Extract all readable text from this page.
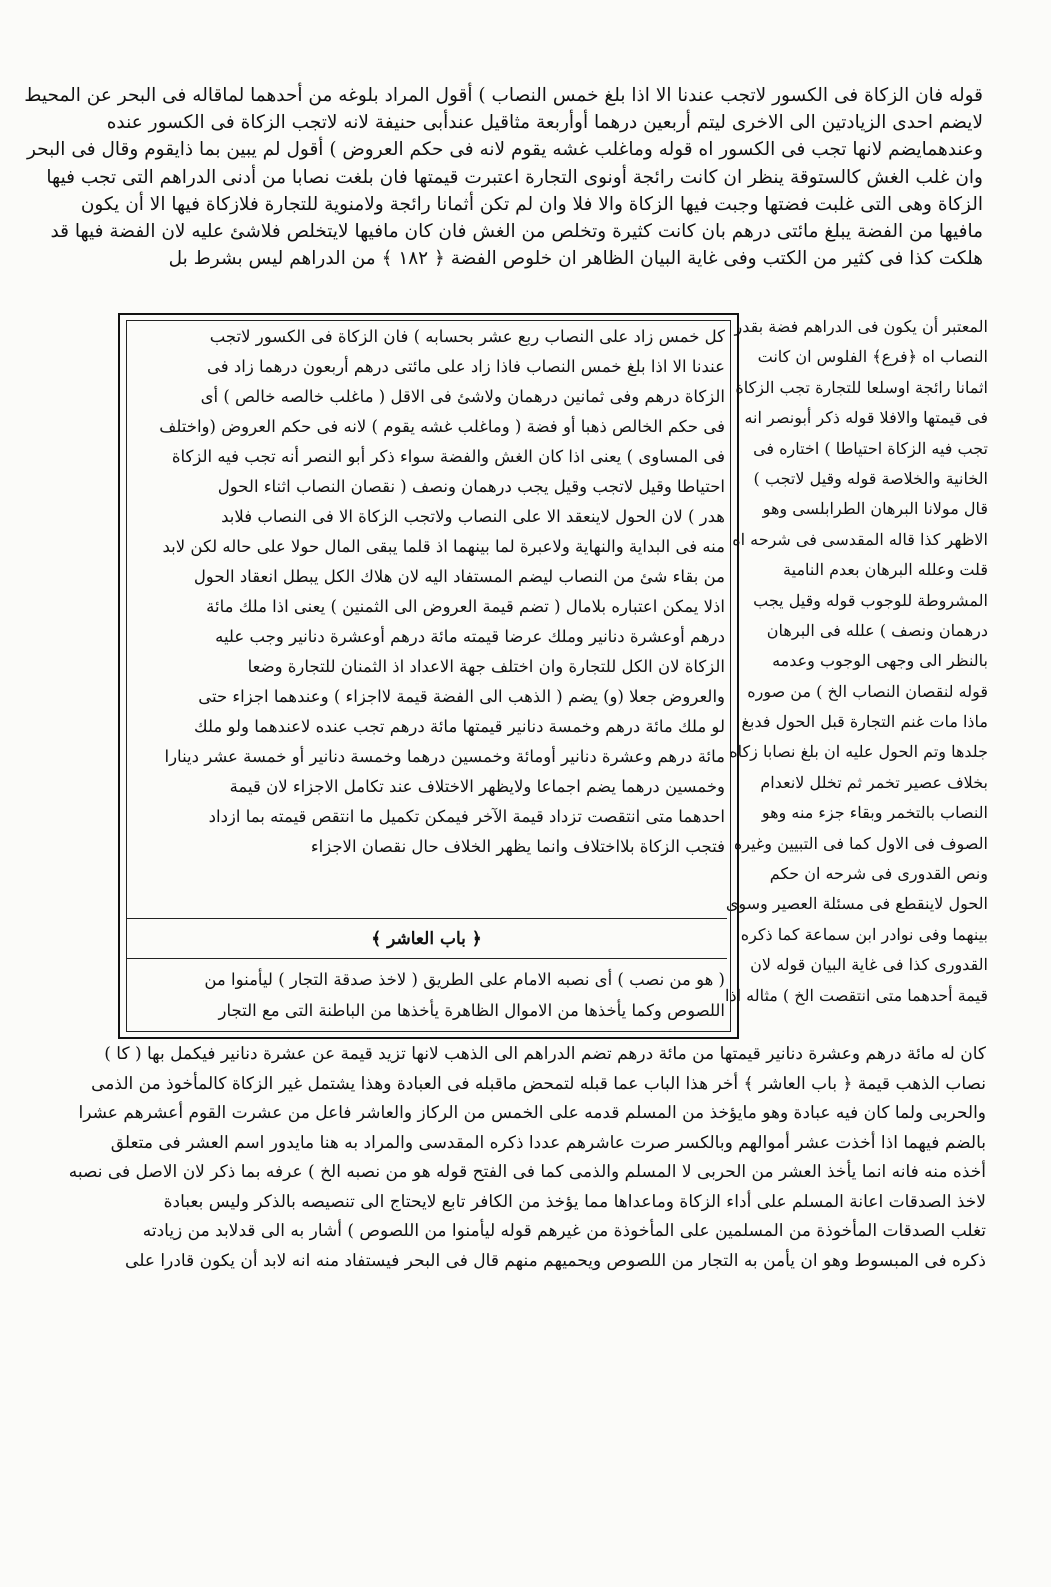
قوله فان الزكاة فى الكسور لاتجب عندنا الا اذا بلغ خمس النصاب ) أقول المراد بلوغه من أحدهما لماقاله فى البحر عن المحيط
لايضم احدى الزيادتين الى الاخرى ليتم أربعين درهما أوأربعة مثاقيل عندأبى حنيفة لانه لاتجب الزكاة فى الكسور عنده
وعندهمايضم لانها تجب فى الكسور اه قوله وماغلب غشه يقوم لانه فى حكم العروض ) أقول لم يبين بما ذايقوم وقال فى البحر
وان غلب الغش كالستوقة ينظر ان كانت رائجة أونوى التجارة اعتبرت قيمتها فان بلغت نصابا من أدنى الدراهم التى تجب فيها
الزكاة وهى التى غلبت فضتها وجبت فيها الزكاة والا فلا وان لم تكن أثمانا رائجة ولامنوية للتجارة فلازكاة فيها الا أن يكون
مافيها من الفضة يبلغ مائتى درهم بان كانت كثيرة وتخلص من الغش فان كان مافيها لايتخلص فلاشئ عليه لان الفضة فيها قد
هلكت كذا فى كثير من الكتب وفى غاية البيان الظاهر ان خلوص الفضة ﴿ ١٨٢ ﴾ من الدراهم ليس بشرط بل
المعتبر أن يكون فى الدراهم فضة بقدر
النصاب اه ﴿فرع﴾ الفلوس ان كانت
اثمانا رائجة اوسلعا للتجارة تجب الزكاة
فى قيمتها والافلا قوله ذكر أبونصر انه
تجب فيه الزكاة احتياطا ) اختاره فى
الخانية والخلاصة قوله وقيل لاتجب )
قال مولانا البرهان الطرابلسى وهو
الاظهر كذا قاله المقدسى فى شرحه اه
قلت وعلله البرهان بعدم النامية
المشروطة للوجوب قوله وقيل يجب
درهمان ونصف ) علله فى البرهان
بالنظر الى وجهى الوجوب وعدمه
قوله لنقصان النصاب الخ ) من صوره
ماذا مات غنم التجارة قبل الحول فدبغ
جلدها وتم الحول عليه ان بلغ نصابا زكاه
بخلاف عصير تخمر ثم تخلل لانعدام
النصاب بالتخمر وبقاء جزء منه وهو
الصوف فى الاول كما فى التبيين وغيره
ونص القدورى فى شرحه ان حكم
الحول لاينقطع فى مسئلة العصير وسوى
بينهما وفى نوادر ابن سماعة كما ذكره
القدورى كذا فى غاية البيان قوله لان
قيمة أحدهما متى انتقصت الخ ) مثاله اذا
كل خمس زاد على النصاب ربع عشر بحسابه ) فان الزكاة فى الكسور لاتجب
عندنا الا اذا بلغ خمس النصاب فاذا زاد على مائتى درهم أربعون درهما زاد فى
الزكاة درهم وفى ثمانين درهمان ولاشئ فى الاقل ( ماغلب خالصه خالص ) أى
فى حكم الخالص ذهبا أو فضة ( وماغلب غشه يقوم ) لانه فى حكم العروض (واختلف
فى المساوى ) يعنى اذا كان الغش والفضة سواء ذكر أبو النصر أنه تجب فيه الزكاة
احتياطا وقيل لاتجب وقيل يجب درهمان ونصف ( نقصان النصاب اثناء الحول
هدر ) لان الحول لاينعقد الا على النصاب ولاتجب الزكاة الا فى النصاب فلابد
منه فى البداية والنهاية ولاعبرة لما بينهما اذ قلما يبقى المال حولا على حاله لكن لابد
من بقاء شئ من النصاب ليضم المستفاد اليه لان هلاك الكل يبطل انعقاد الحول
اذلا يمكن اعتباره بلامال ( تضم قيمة العروض الى الثمنين ) يعنى اذا ملك مائة
درهم أوعشرة دنانير وملك عرضا قيمته مائة درهم أوعشرة دنانير وجب عليه
الزكاة لان الكل للتجارة وان اختلف جهة الاعداد اذ الثمنان للتجارة وضعا
والعروض جعلا (و) يضم ( الذهب الى الفضة قيمة لااجزاء ) وعندهما اجزاء حتى
لو ملك مائة درهم وخمسة دنانير قيمتها مائة درهم تجب عنده لاعندهما ولو ملك
مائة درهم وعشرة دنانير أومائة وخمسين درهما وخمسة دنانير أو خمسة عشر دينارا
وخمسين درهما يضم اجماعا ولايظهر الاختلاف عند تكامل الاجزاء لان قيمة
احدهما متى انتقصت تزداد قيمة الآخر فيمكن تكميل ما انتقص قيمته بما ازداد
فتجب الزكاة بلااختلاف وانما يظهر الخلاف حال نقصان الاجزاء
﴿ باب العاشر ﴾
( هو من نصب ) أى نصبه الامام على الطريق ( لاخذ صدقة التجار ) ليأمنوا من
اللصوص وكما يأخذها من الاموال الظاهرة يأخذها من الباطنة التى مع التجار
كان له مائة درهم وعشرة دنانير قيمتها من مائة درهم تضم الدراهم الى الذهب لانها تزيد قيمة عن عشرة دنانير فيكمل بها ( كا )
نصاب الذهب قيمة ﴿ باب العاشر ﴾ أخر هذا الباب عما قبله لتمحض ماقبله فى العبادة وهذا يشتمل غير الزكاة كالمأخوذ من الذمى
والحربى ولما كان فيه عبادة وهو مايؤخذ من المسلم قدمه على الخمس من الركاز والعاشر فاعل من عشرت القوم أعشرهم عشرا
بالضم فيهما اذا أخذت عشر أموالهم وبالكسر صرت عاشرهم عددا ذكره المقدسى والمراد به هنا مايدور اسم العشر فى متعلق
أخذه منه فانه انما يأخذ العشر من الحربى لا المسلم والذمى كما فى الفتح قوله هو من نصبه الخ ) عرفه بما ذكر لان الاصل فى نصبه
لاخذ الصدقات اعانة المسلم على أداء الزكاة وماعداها مما يؤخذ من الكافر تابع لايحتاج الى تنصيصه بالذكر وليس بعبادة
تغلب الصدقات المأخوذة من المسلمين على المأخوذة من غيرهم قوله ليأمنوا من اللصوص ) أشار به الى قدلابد من زيادته
ذكره فى المبسوط وهو ان يأمن به التجار من اللصوص ويحميهم منهم قال فى البحر فيستفاد منه انه لابد أن يكون قادرا على
